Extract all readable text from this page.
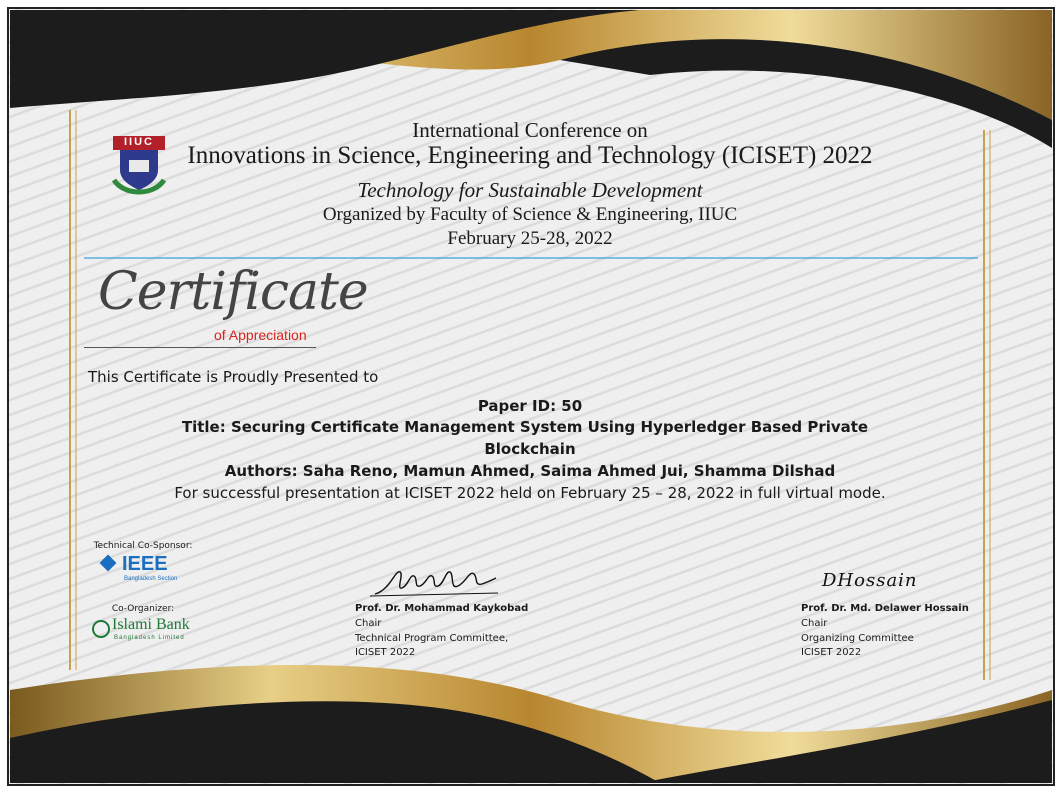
IIUC	International Conference on
Innovations in Science, Engineering and Technology (ICISET) 2022
Technology for Sustainable Development
Organized by Faculty of Science & Engineering, IIUC
February 25-28, 2022
Certificate
of Appreciation
This Certificate is Proudly Presented to
Paper ID: 50
Title: Securing Certificate Management System Using Hyperledger Based Private
Blockchain
Authors: Saha Reno, Mamun Ahmed, Saima Ahmed Jui, Shamma Dilshad
For successful presentation at ICISET 2022 held on February 25 – 28, 2022 in full virtual mode.
Technical Co-Sponsor:
IEEE
Bangladesh Section
Co-Organizer:
Islami Bank
Bangladesh Limited
Prof. Dr. Mohammad Kaykobad
Chair
Technical Program Committee,
ICISET 2022
DHossain
Prof. Dr. Md. Delawer Hossain
Chair
Organizing Committee
ICISET 2022
